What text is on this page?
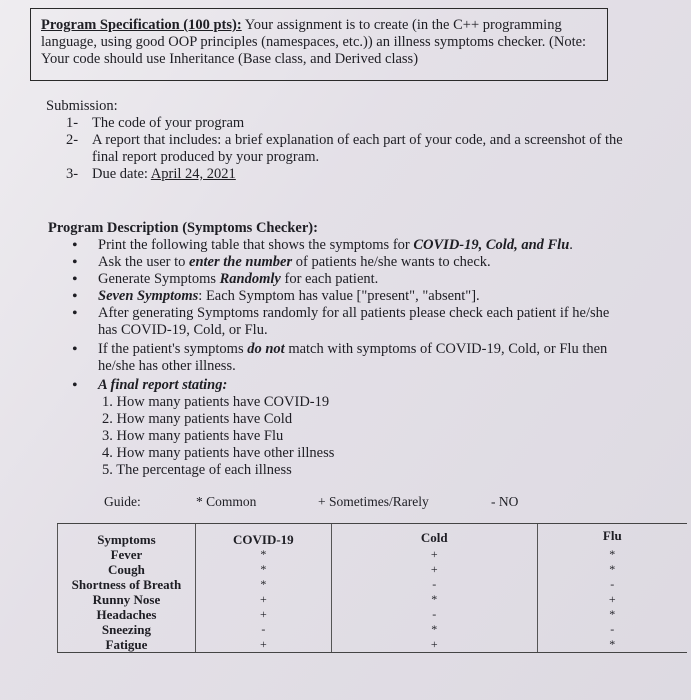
Program Specification (100 pts): Your assignment is to create (in the C++ programming language, using good OOP principles (namespaces, etc.)) an illness symptoms checker. (Note: Your code should use Inheritance (Base class, and Derived class)
Submission:
1- The code of your program
2- A report that includes: a brief explanation of each part of your code, and a screenshot of the final report produced by your program.
3- Due date: April 24, 2021
Program Description (Symptoms Checker):
• Print the following table that shows the symptoms for COVID-19, Cold, and Flu.
• Ask the user to enter the number of patients he/she wants to check.
• Generate Symptoms Randomly for each patient.
• Seven Symptoms: Each Symptom has value ["present", "absent"].
• After generating Symptoms randomly for all patients please check each patient if he/she has COVID-19, Cold, or Flu.
• If the patient's symptoms do not match with symptoms of COVID-19, Cold, or Flu then he/she has other illness.
• A final report stating:
1. How many patients have COVID-19
2. How many patients have Cold
3. How many patients have Flu
4. How many patients have other illness
5. The percentage of each illness
Guide:	* Common	+ Sometimes/Rarely	- NO
Symptoms	COVID-19	Cold	Flu
Fever	*	+	*
Cough	*	+	*
Shortness of Breath	*	-	-
Runny Nose	+	*	+
Headaches	+	-	*
Sneezing	-	*	-
Fatigue	+	+	*
